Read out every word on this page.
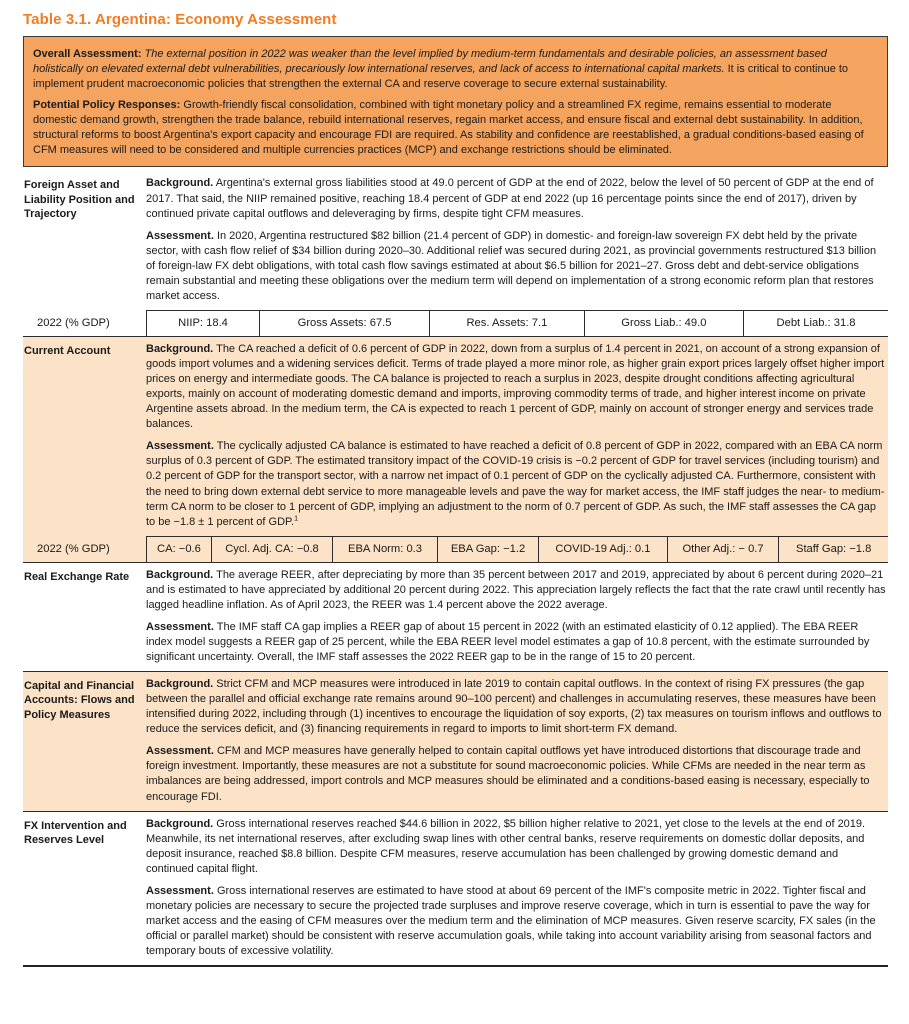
Table 3.1. Argentina: Economy Assessment

Overall Assessment: The external position in 2022 was weaker than the level implied by medium-term fundamentals and desirable policies, an assessment based holistically on elevated external debt vulnerabilities, precariously low international reserves, and lack of access to international capital markets. It is critical to continue to implement prudent macroeconomic policies that strengthen the external CA and reserve coverage to secure external sustainability.

Potential Policy Responses: Growth-friendly fiscal consolidation, combined with tight monetary policy and a streamlined FX regime, remains essential to moderate domestic demand growth, strengthen the trade balance, rebuild international reserves, regain market access, and ensure fiscal and external debt sustainability. In addition, structural reforms to boost Argentina's export capacity and encourage FDI are required. As stability and confidence are reestablished, a gradual conditions-based easing of CFM measures will need to be considered and multiple currencies practices (MCP) and exchange restrictions should be eliminated.

Foreign Asset and Liability Position and Trajectory

Background. Argentina's external gross liabilities stood at 49.0 percent of GDP at the end of 2022, below the level of 50 percent of GDP at the end of 2017. That said, the NIIP remained positive, reaching 18.4 percent of GDP at end 2022 (up 16 percentage points since the end of 2017), driven by continued private capital outflows and deleveraging by firms, despite tight CFM measures.

Assessment. In 2020, Argentina restructured $82 billion (21.4 percent of GDP) in domestic- and foreign-law sovereign FX debt held by the private sector, with cash flow relief of $34 billion during 2020–30. Additional relief was secured during 2021, as provincial governments restructured $13 billion of foreign-law FX debt obligations, with total cash flow savings estimated at about $6.5 billion for 2021–27. Gross debt and debt-service obligations remain substantial and meeting these obligations over the medium term will depend on implementation of a strong economic reform plan that restores market access.

2022 (% GDP)	NIIP: 18.4	Gross Assets: 67.5	Res. Assets: 7.1	Gross Liab.: 49.0	Debt Liab.: 31.8
Current Account	Background. The CA reached a deficit of 0.6 percent of GDP in 2022, down from a surplus of 1.4 percent in 2021, on account of a strong expansion of goods import volumes and a widening services deficit. Terms of trade played a more minor role, as higher grain export prices largely offset higher import prices on energy and intermediate goods. The CA balance is projected to reach a surplus in 2023, despite drought conditions affecting agricultural exports, mainly on account of moderating domestic demand and imports, improving commodity terms of trade, and higher interest income on private Argentine assets abroad. In the medium term, the CA is expected to reach 1 percent of GDP, mainly on account of stronger energy and services trade balances.

Assessment. The cyclically adjusted CA balance is estimated to have reached a deficit of 0.8 percent of GDP in 2022, compared with an EBA CA norm surplus of 0.3 percent of GDP. The estimated transitory impact of the COVID-19 crisis is −0.2 percent of GDP for travel services (including tourism) and 0.2 percent of GDP for the transport sector, with a narrow net impact of 0.1 percent of GDP on the cyclically adjusted CA. Furthermore, consistent with the need to bring down external debt service to more manageable levels and pave the way for market access, the IMF staff judges the near- to medium-term CA norm to be closer to 1 percent of GDP, implying an adjustment to the norm of 0.7 percent of GDP. As such, the IMF staff assesses the CA gap to be −1.8 ± 1 percent of GDP.$^1$

2022 (% GDP)	CA: −0.6	Cycl. Adj. CA: −0.8	EBA Norm: 0.3	EBA Gap: −1.2	COVID-19 Adj.: 0.1	Other Adj.: − 0.7	Staff Gap: −1.8
Real Exchange Rate	Background. The average REER, after depreciating by more than 35 percent between 2017 and 2019, appreciated by about 6 percent during 2020–21 and is estimated to have appreciated by additional 20 percent during 2022. This appreciation largely reflects the fact that the rate crawl until recently has lagged headline inflation. As of April 2023, the REER was 1.4 percent above the 2022 average.

Assessment. The IMF staff CA gap implies a REER gap of about 15 percent in 2022 (with an estimated elasticity of 0.12 applied). The EBA REER index model suggests a REER gap of 25 percent, while the EBA REER level model estimates a gap of 10.8 percent, with the estimate surrounded by significant uncertainty. Overall, the IMF staff assesses the 2022 REER gap to be in the range of 15 to 20 percent.

Capital and Financial Accounts: Flows and Policy Measures

Background. Strict CFM and MCP measures were introduced in late 2019 to contain capital outflows. In the context of rising FX pressures (the gap between the parallel and official exchange rate remains around 90–100 percent) and challenges in accumulating reserves, these measures have been intensified during 2022, including through (1) incentives to encourage the liquidation of soy exports, (2) tax measures on tourism inflows and outflows to reduce the services deficit, and (3) financing requirements in regard to imports to limit short-term FX demand.

Assessment. CFM and MCP measures have generally helped to contain capital outflows yet have introduced distortions that discourage trade and foreign investment. Importantly, these measures are not a substitute for sound macroeconomic policies. While CFMs are needed in the near term as imbalances are being addressed, import controls and MCP measures should be eliminated and a conditions-based easing is necessary, especially to encourage FDI.

FX Intervention and Reserves Level

Background. Gross international reserves reached $44.6 billion in 2022, $5 billion higher relative to 2021, yet close to the levels at the end of 2019. Meanwhile, its net international reserves, after excluding swap lines with other central banks, reserve requirements on domestic dollar deposits, and deposit insurance, reached $8.8 billion. Despite CFM measures, reserve accumulation has been challenged by growing domestic demand and continued capital flight.

Assessment. Gross international reserves are estimated to have stood at about 69 percent of the IMF's composite metric in 2022. Tighter fiscal and monetary policies are necessary to secure the projected trade surpluses and improve reserve coverage, which in turn is essential to pave the way for market access and the easing of CFM measures over the medium term and the elimination of MCP measures. Given reserve scarcity, FX sales (in the official or parallel market) should be consistent with reserve accumulation goals, while taking into account variability arising from seasonal factors and temporary bouts of excessive volatility.
